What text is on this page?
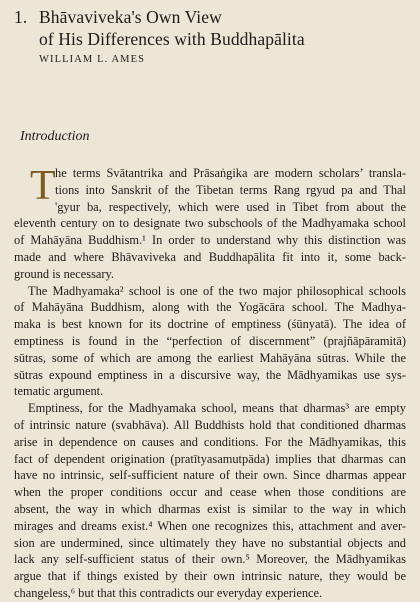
1. Bhāvaviveka's Own View
of His Differences with Buddhapālita
WILLIAM L. AMES
Introduction
T he terms Svātantrika and Prāsaṅgika are modern scholars’ transla-
tions into Sanskrit of the Tibetan terms Rang rgyud pa and Thal
'gyur ba, respectively, which were used in Tibet from about the
eleventh century on to designate two subschools of the Madhyamaka school
of Mahāyāna Buddhism.¹ In order to understand why this distinction was
made and where Bhāvaviveka and Buddhapālita fit into it, some back-
ground is necessary.
The Madhyamaka² school is one of the two major philosophical schools
of Mahāyāna Buddhism, along with the Yogācāra school. The Madhya-
maka is best known for its doctrine of emptiness (śūnyatā). The idea of
emptiness is found in the “perfection of discernment” (prajñāpāramitā)
sūtras, some of which are among the earliest Mahāyāna sūtras. While the
sūtras expound emptiness in a discursive way, the Mādhyamikas use sys-
tematic argument.
Emptiness, for the Madhyamaka school, means that dharmas³ are empty
of intrinsic nature (svabhāva). All Buddhists hold that conditioned dharmas
arise in dependence on causes and conditions. For the Mādhyamikas, this
fact of dependent origination (pratītyasamutpāda) implies that dharmas can
have no intrinsic, self-sufficient nature of their own. Since dharmas appear
when the proper conditions occur and cease when those conditions are
absent, the way in which dharmas exist is similar to the way in which
mirages and dreams exist.⁴ When one recognizes this, attachment and aver-
sion are undermined, since ultimately they have no substantial objects and
lack any self-sufficient status of their own.⁵ Moreover, the Mādhyamikas
argue that if things existed by their own intrinsic nature, they would be
changeless,⁶ but that this contradicts our everyday experience.
